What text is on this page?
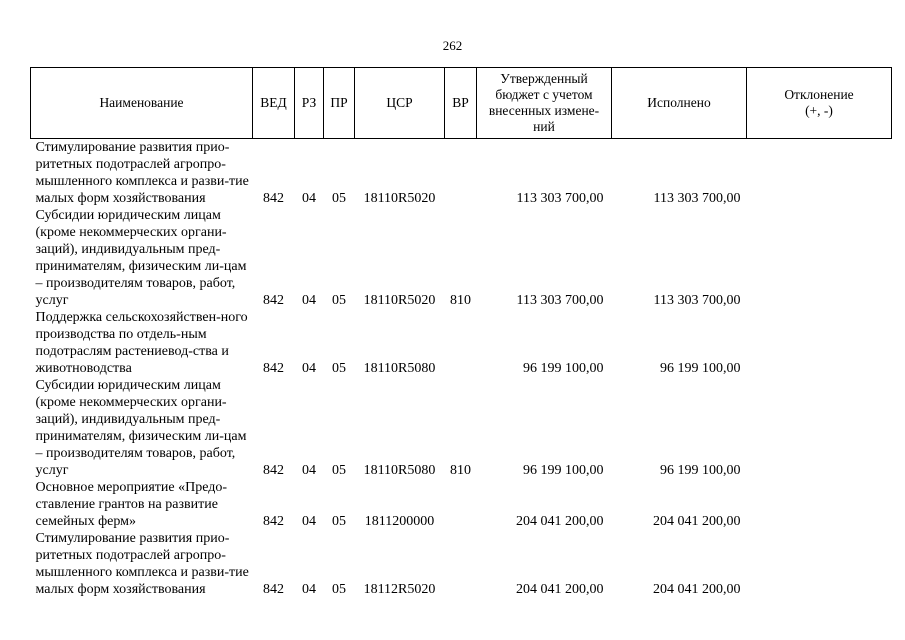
262
Наименование	ВЕД	РЗ	ПР	ЦСР	ВР	Утвержденный бюджет с учетом внесенных измене-ний	Исполнено	Отклонение (+, -)
Стимулирование развития прио-ритетных подотраслей агропро-мышленного комплекса и разви-тие малых форм хозяйствования	842	04	05	18110R5020		113 303 700,00	113 303 700,00	
Субсидии юридическим лицам (кроме некоммерческих органи-заций), индивидуальным пред-принимателям, физическим ли-цам – производителям товаров, работ, услуг	842	04	05	18110R5020	810	113 303 700,00	113 303 700,00	
Поддержка сельскохозяйствен-ного производства по отдель-ным подотраслям растениевод-ства и животноводства	842	04	05	18110R5080		96 199 100,00	96 199 100,00	
Субсидии юридическим лицам (кроме некоммерческих органи-заций), индивидуальным пред-принимателям, физическим ли-цам – производителям товаров, работ, услуг	842	04	05	18110R5080	810	96 199 100,00	96 199 100,00	
Основное мероприятие «Предо-ставление грантов на развитие семейных ферм»	842	04	05	1811200000		204 041 200,00	204 041 200,00	
Стимулирование развития прио-ритетных подотраслей агропро-мышленного комплекса и разви-тие малых форм хозяйствования	842	04	05	18112R5020		204 041 200,00	204 041 200,00	
